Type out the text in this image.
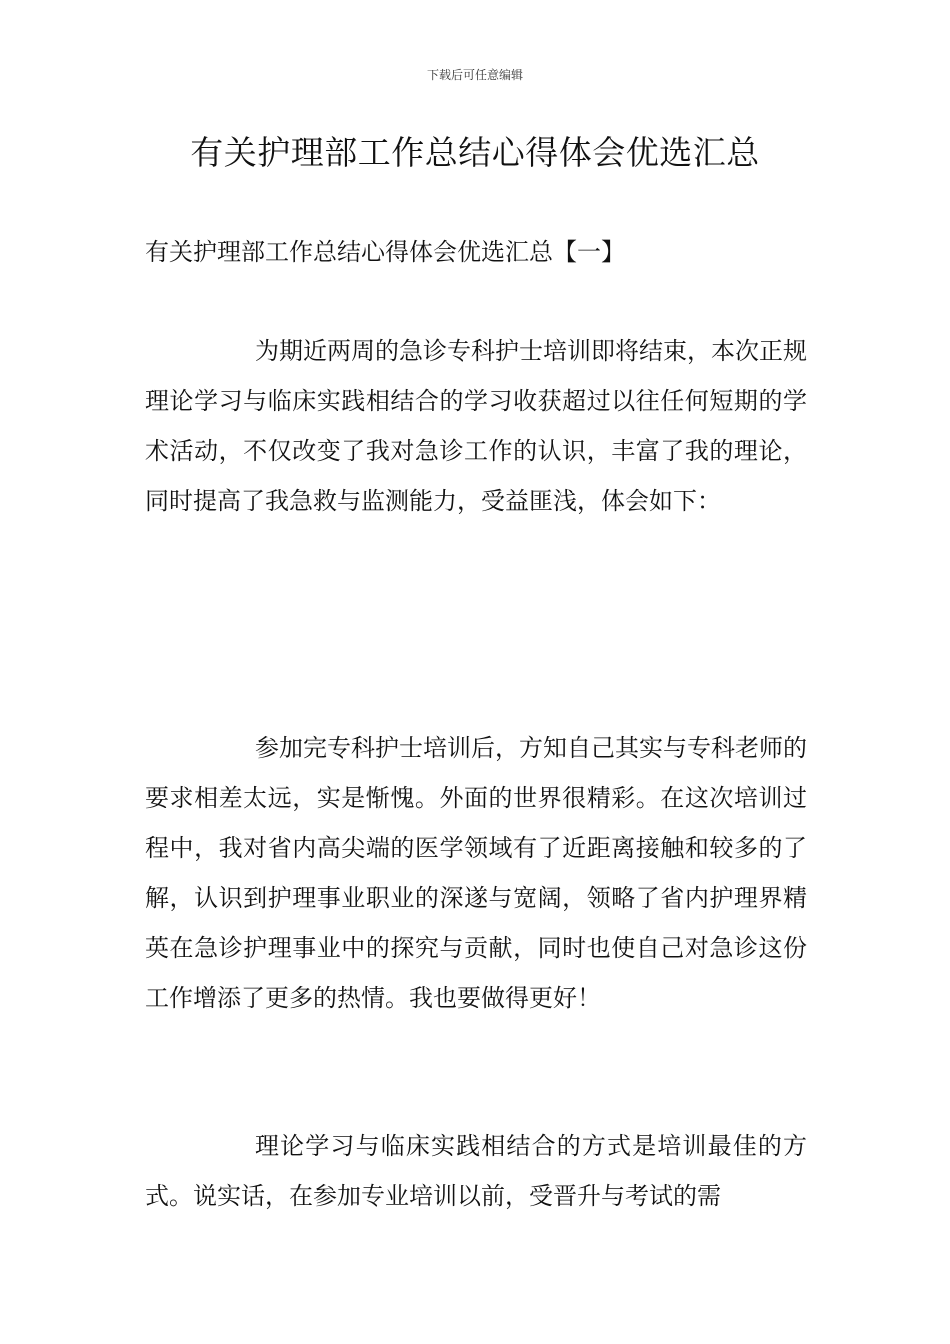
下载后可任意编辑
有关护理部工作总结心得体会优选汇总
有关护理部工作总结心得体会优选汇总【一】

为期近两周的急诊专科护士培训即将结束，本次正规理论学习与临床实践相结合的学习收获超过以往任何短期的学术活动，不仅改变了我对急诊工作的认识，丰富了我的理论，同时提高了我急救与监测能力，受益匪浅，体会如下：

参加完专科护士培训后，方知自己其实与专科老师的要求相差太远，实是惭愧。外面的世界很精彩。在这次培训过程中，我对省内高尖端的医学领域有了近距离接触和较多的了解，认识到护理事业职业的深遂与宽阔，领略了省内护理界精英在急诊护理事业中的探究与贡献，同时也使自己对急诊这份工作增添了更多的热情。我也要做得更好！

理论学习与临床实践相结合的方式是培训最佳的方式。说实话，在参加专业培训以前，受晋升与考试的需
